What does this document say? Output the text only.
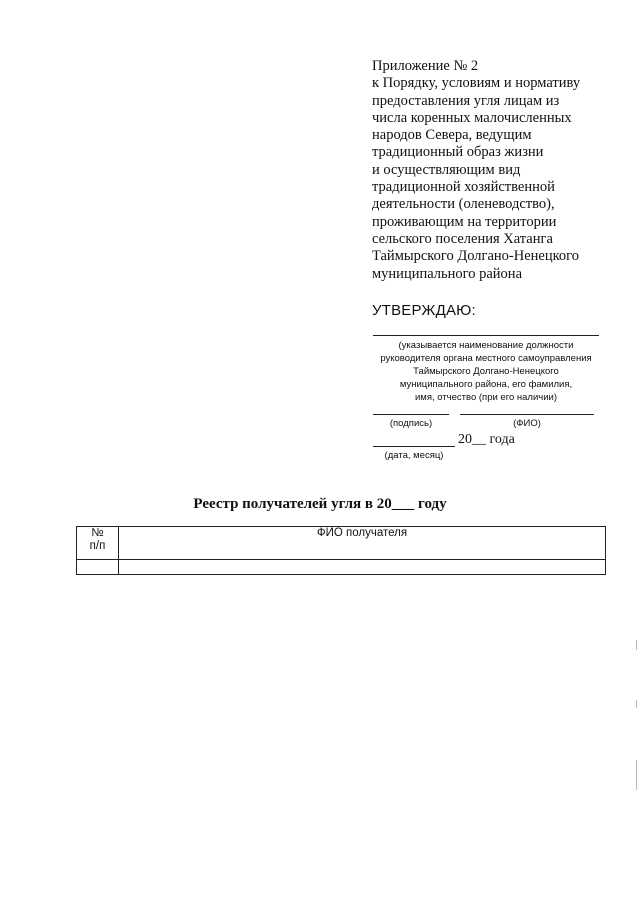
Приложение № 2
к Порядку, условиям и нормативу
предоставления угля лицам из
числа коренных малочисленных
народов Севера, ведущим
традиционный образ жизни
и осуществляющим вид
традиционной хозяйственной
деятельности (оленеводство),
проживающим на территории
сельского поселения Хатанга
Таймырского Долгано-Ненецкого
муниципального района
УТВЕРЖДАЮ:
(указывается наименование должности
руководителя органа местного самоуправления
Таймырского Долгано-Ненецкого
муниципального района, его фамилия,
имя, отчество (при его наличии)
(подпись)	(ФИО)
20__ года
(дата, месяц)
Реестр получателей угля в 20___ году
№
п/п	ФИО получателя
